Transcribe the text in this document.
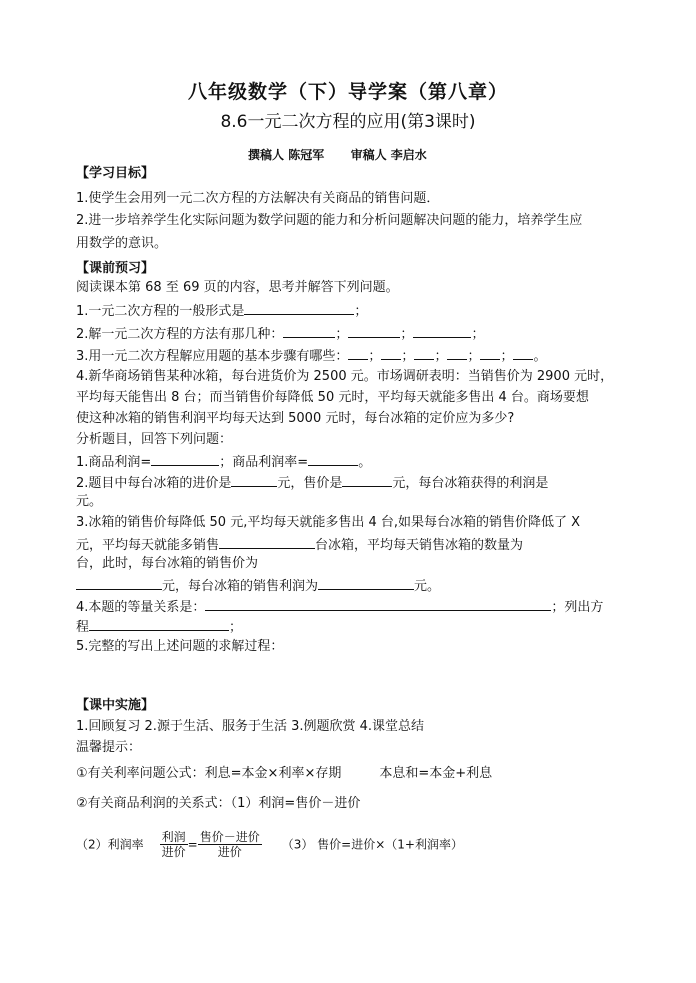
八年级数学（下）导学案（第八章）
8.6一元二次方程的应用(第3课时)
撰稿人 陈冠军 审稿人 李启水
【学习目标】
1.使学生会用列一元二次方程的方法解决有关商品的销售问题．
2.进一步培养学生化实际问题为数学问题的能力和分析问题解决问题的能力，培养学生应
用数学的意识。
【课前预习】
阅读课本第 68 至 69 页的内容，思考并解答下列问题。
1.一元二次方程的一般形式是	；
2.解一元二次方程的方法有那几种：	；	；	；
3.用一元二次方程解应用题的基本步骤有哪些： ； ； ； ； ； 。
4.新华商场销售某种冰箱，每台进货价为 2500 元。市场调研表明：当销售价为 2900 元时，
平均每天能售出 8 台；而当销售价每降低 50 元时，平均每天就能多售出 4 台。商场要想
使这种冰箱的销售利润平均每天达到 5000 元时，每台冰箱的定价应为多少?
分析题目，回答下列问题：
1.商品利润=	；商品利润率=	。
2.题目中每台冰箱的进价是	元，售价是	元，每台冰箱获得的利润是
元。
3.冰箱的销售价每降低 50 元,平均每天就能多售出 4 台,如果每台冰箱的销售价降低了 X
元，平均每天就能多销售	台冰箱，平均每天销售冰箱的数量为
台，此时，每台冰箱的销售价为
元，每台冰箱的销售利润为	元。
4.本题的等量关系是：	；列出方
程	；
5.完整的写出上述问题的求解过程：
【课中实施】
1.回顾复习 2.源于生活、服务于生活 3.例题欣赏 4.课堂总结
温馨提示：
①有关利率问题公式：利息=本金×利率×存期	本息和=本金+利息
②有关商品利润的关系式：（1）利润=售价－进价
（2）利润率 $\frac{\text{利润}}{\text{进价}} = \frac{\text{售价－进价}}{\text{进价}} (3)$ 售价=进价×（1+利润率）
